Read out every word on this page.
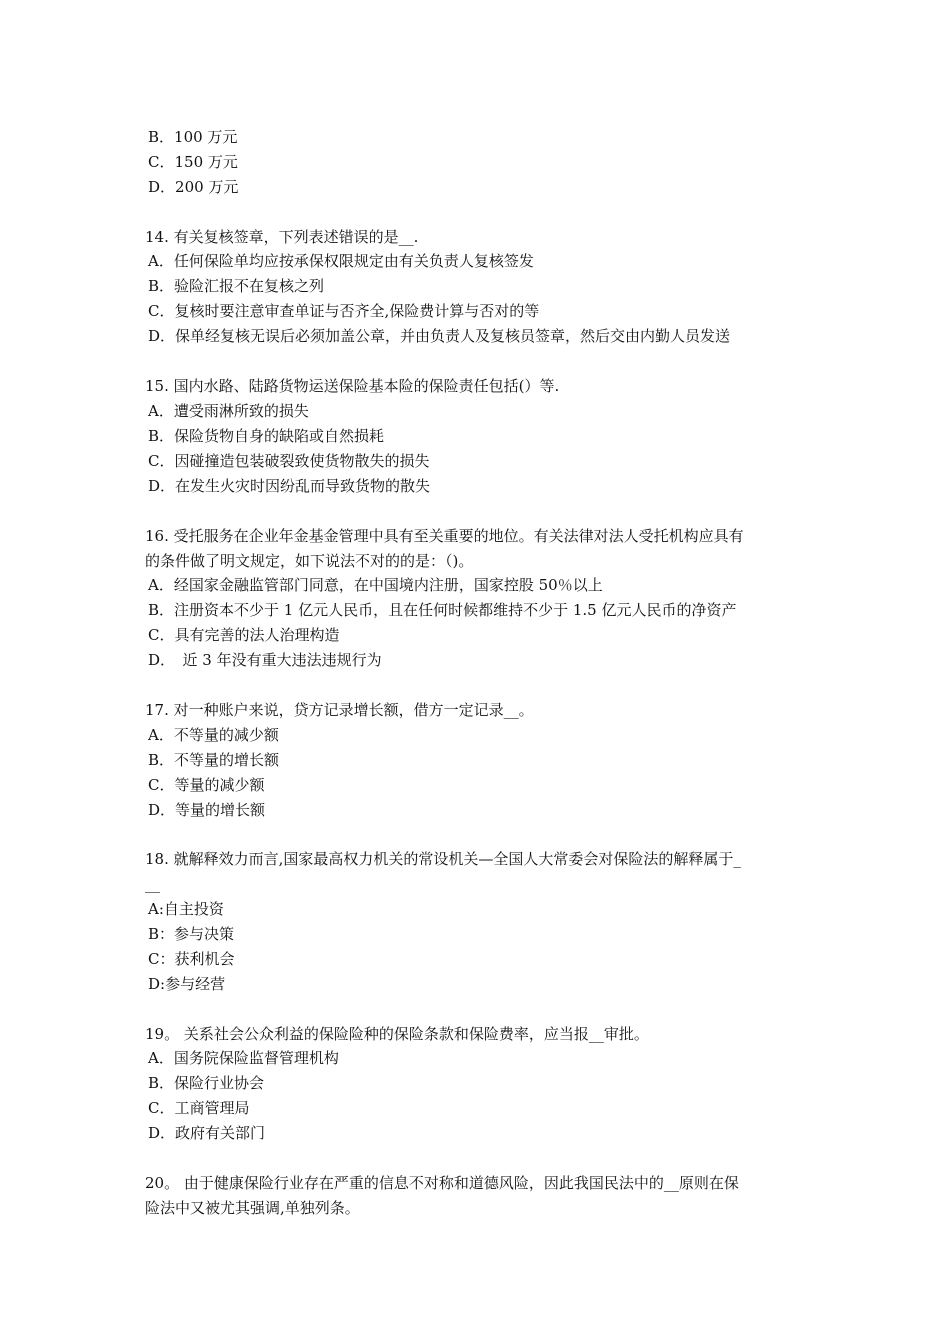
B．100 万元
C．150 万元
D．200 万元
14. 有关复核签章，下列表述错误的是__.
A．任何保险单均应按承保权限规定由有关负责人复核签发
B．验险汇报不在复核之列
C．复核时要注意审查单证与否齐全,保险费计算与否对的等
D．保单经复核无误后必须加盖公章，并由负责人及复核员签章，然后交由内勤人员发送
15. 国内水路、陆路货物运送保险基本险的保险责任包括(）等.
A．遭受雨淋所致的损失
B．保险货物自身的缺陷或自然损耗
C．因碰撞造包装破裂致使货物散失的损失
D．在发生火灾时因纷乱而导致货物的散失
16. 受托服务在企业年金基金管理中具有至关重要的地位。有关法律对法人受托机构应具有
的条件做了明文规定，如下说法不对的的是：（)。
A．经国家金融监管部门同意，在中国境内注册，国家控股 50％以上
B．注册资本不少于 1 亿元人民币，且在任何时候都维持不少于 1.5 亿元人民币的净资产
C．具有完善的法人治理构造
D．　近 3 年没有重大违法违规行为
17. 对一种账户来说，贷方记录增长额，借方一定记录__。
A．不等量的减少额
B．不等量的增长额
C．等量的减少额
D．等量的增长额
18. 就解释效力而言,国家最高权力机关的常设机关—全国人大常委会对保险法的解释属于_
__
A:自主投资
B：参与决策
C：获利机会
D:参与经营
19。 关系社会公众利益的保险险种的保险条款和保险费率，应当报__审批。
A．国务院保险监督管理机构
B．保险行业协会
C．工商管理局
D．政府有关部门
20。 由于健康保险行业存在严重的信息不对称和道德风险，因此我国民法中的__原则在保
险法中又被尤其强调,单独列条。
